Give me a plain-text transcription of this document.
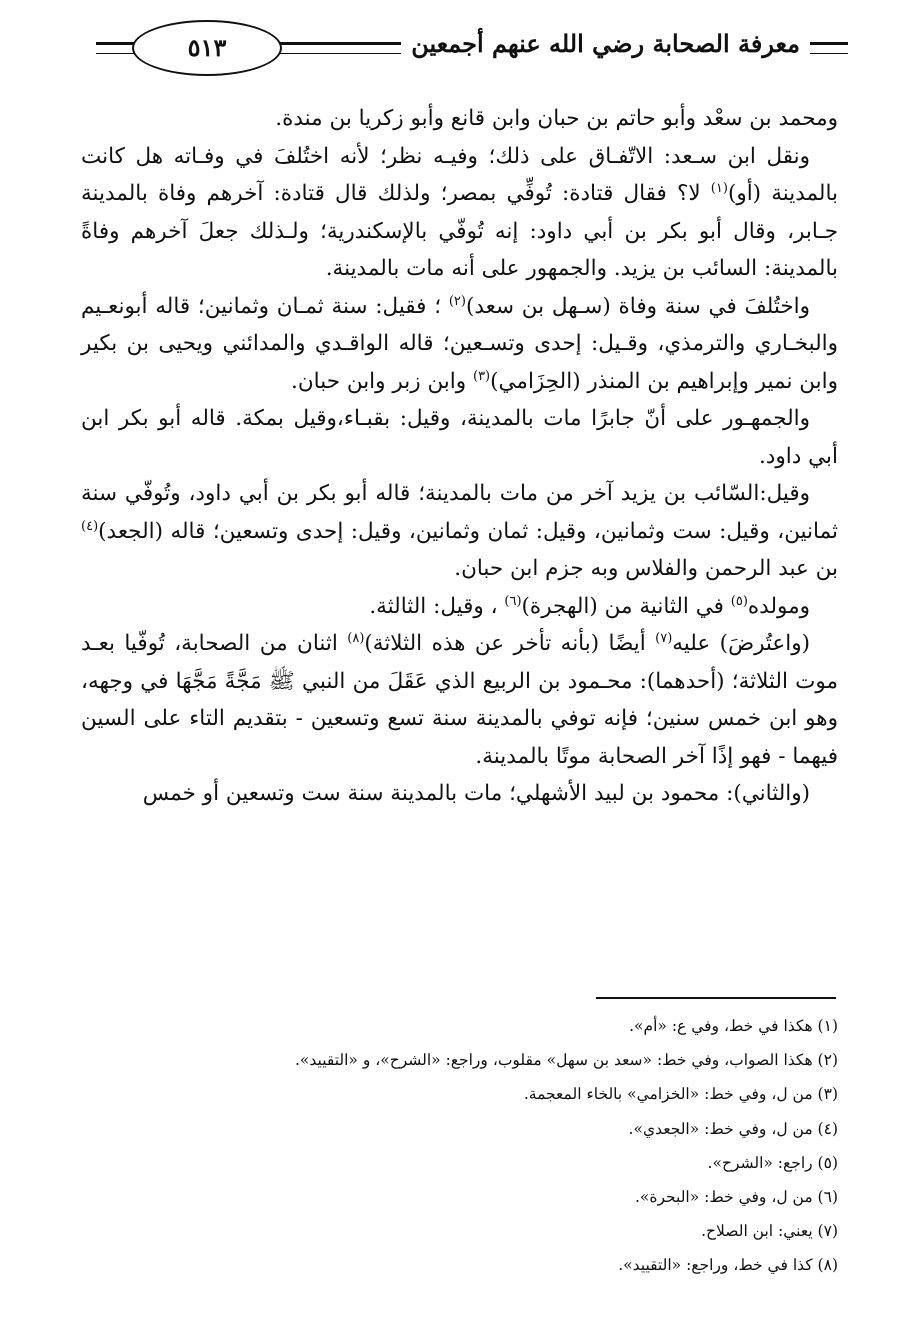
معرفة الصحابة رضي الله عنهم أجمعين
٥١٣

ومحمد بن سعْد وأبو حاتم بن حبان وابن قانع وأبو زكريا بن مندة.

ونقل ابن سـعد: الاتّفـاق على ذلك؛ وفيـه نظر؛ لأنه اختُلفَ في وفـاته هل كانت بالمدينة (أو)$^{(١)}$ لا؟ فقال قتادة: تُوفِّي بمصر؛ ولذلك قال قتادة: آخرهم وفاة بالمدينة جـابر، وقال أبو بكر بن أبي داود: إنه تُوفّي بالإسكندرية؛ ولـذلك جعلَ آخرهم وفاةً بالمدينة: السائب بن يزيد. والجمهور على أنه مات بالمدينة.

واختُلفَ في سنة وفاة (سـهل بن سعد)$^{(٢)}$ ؛ فقيل: سنة ثمـان وثمانين؛ قاله أبونعـيم والبخـاري والترمذي، وقـيل: إحدى وتسـعين؛ قاله الواقـدي والمدائني ويحيى بن بكير وابن نمير وإبراهيم بن المنذر (الحِزَامي)$^{(٣)}$ وابن زبر وابن حبان.

والجمهـور على أنّ جابرًا مات بالمدينة، وقيل: بقبـاء،وقيل بمكة. قاله أبو بكر ابن أبي داود.

وقيل:السّائب بن يزيد آخر من مات بالمدينة؛ قاله أبو بكر بن أبي داود، وتُوفّي سنة ثمانين، وقيل: ست وثمانين، وقيل: ثمان وثمانين، وقيل: إحدى وتسعين؛ قاله (الجعد)$^{(٤)}$ بن عبد الرحمن والفلاس وبه جزم ابن حبان.

ومولده$^{(٥)}$ في الثانية من (الهجرة)$^{(٦)}$ ، وقيل: الثالثة.

(واعتُرضَ) عليه$^{(٧)}$ أيضًا (بأنه تأخر عن هذه الثلاثة)$^{(٨)}$ اثنان من الصحابة، تُوفّيا بعـد موت الثلاثة؛ (أحدهما): محـمود بن الربيع الذي عَقَلَ من النبي ﷺ مَجَّةً مَجَّهَا في وجهه، وهو ابن خمس سنين؛ فإنه توفي بالمدينة سنة تسع وتسعين - بتقديم التاء على السين فيهما - فهو إذًا آخر الصحابة موتًا بالمدينة.

(والثاني): محمود بن لبيد الأشهلي؛ مات بالمدينة سنة ست وتسعين أو خمس

(١) هكذا في خط، وفي ع: «أم».
(٢) هكذا الصواب، وفي خط: «سعد بن سهل» مقلوب، وراجع: «الشرح»، و «التقييد».
(٣) من ل، وفي خط: «الخزامي» بالخاء المعجمة.
(٤) من ل، وفي خط: «الجعدي».
(٥) راجع: «الشرح».
(٦) من ل، وفي خط: «البحرة».
(٧) يعني: ابن الصلاح.
(٨) كذا في خط، وراجع: «التقييد».
